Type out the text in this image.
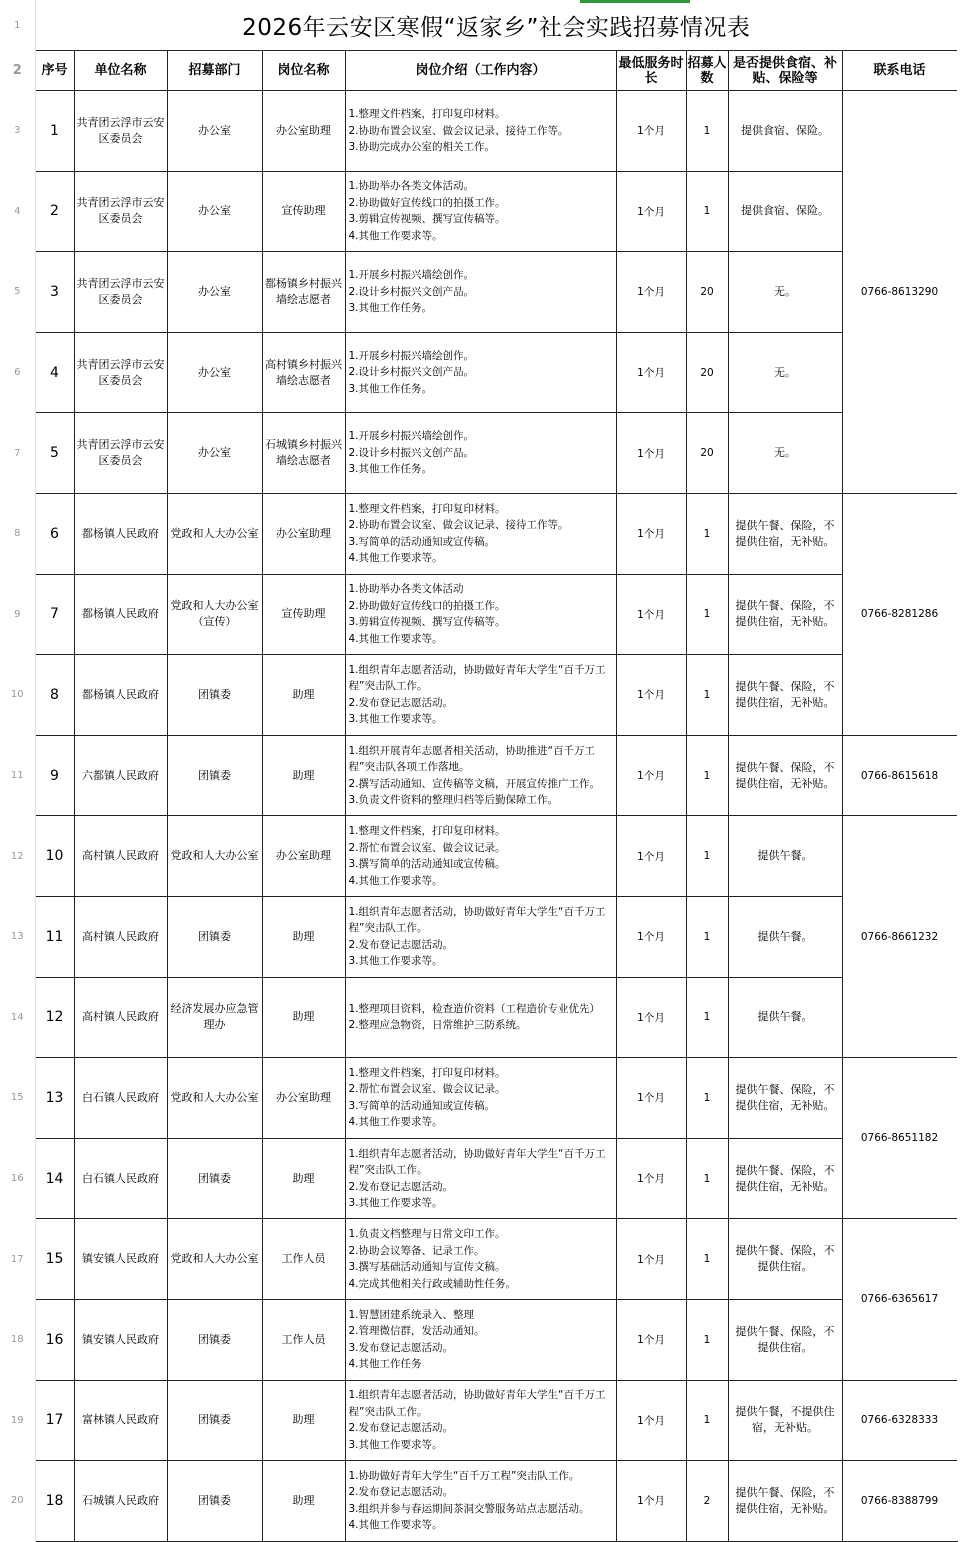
1	2026年云安区寒假“返家乡”社会实践招募情况表								
2	序号	单位名称	招募部门	岗位名称	岗位介绍（工作内容）	最低服务时长	招募人数	是否提供食宿、补贴、保险等	联系电话
3	1	共青团云浮市云安区委员会	办公室	办公室助理	1.整理文件档案，打印复印材料。
2.协助布置会议室、做会议记录、接待工作等。
3.协助完成办公室的相关工作。	1个月	1	提供食宿、保险。	0766-8613290
4	2	共青团云浮市云安区委员会	办公室	宣传助理	1.协助举办各类文体活动。
2.协助做好宣传线口的拍摄工作。
3.剪辑宣传视频、撰写宣传稿等。
4.其他工作要求等。	1个月	1	提供食宿、保险。	
5	3	共青团云浮市云安区委员会	办公室	都杨镇乡村振兴墙绘志愿者	1.开展乡村振兴墙绘创作。
2.设计乡村振兴文创产品。
3.其他工作任务。	1个月	20	无。	
6	4	共青团云浮市云安区委员会	办公室	高村镇乡村振兴墙绘志愿者	1.开展乡村振兴墙绘创作。
2.设计乡村振兴文创产品。
3.其他工作任务。	1个月	20	无。	
7	5	共青团云浮市云安区委员会	办公室	石城镇乡村振兴墙绘志愿者	1.开展乡村振兴墙绘创作。
2.设计乡村振兴文创产品。
3.其他工作任务。	1个月	20	无。	
8	6	都杨镇人民政府	党政和人大办公室	办公室助理	1.整理文件档案，打印复印材料。
2.协助布置会议室、做会议记录、接待工作等。
3.写简单的活动通知或宣传稿。
4.其他工作要求等。	1个月	1	提供午餐、保险，不提供住宿，无补贴。	0766-8281286
9	7	都杨镇人民政府	党政和人大办公室（宣传）	宣传助理	1.协助举办各类文体活动
2.协助做好宣传线口的拍摄工作。
3.剪辑宣传视频、撰写宣传稿等。
4.其他工作要求等。	1个月	1	提供午餐、保险，不提供住宿，无补贴。	
10	8	都杨镇人民政府	团镇委	助理	1.组织青年志愿者活动，协助做好青年大学生“百千万工程”突击队工作。
2.发布登记志愿活动。
3.其他工作要求等。	1个月	1	提供午餐、保险，不提供住宿，无补贴。	
11	9	六都镇人民政府	团镇委	助理	1.组织开展青年志愿者相关活动，协助推进“百千万工程”突击队各项工作落地。
2.撰写活动通知、宣传稿等文稿，开展宣传推广工作。
3.负责文件资料的整理归档等后勤保障工作。	1个月	1	提供午餐、保险，不提供住宿，无补贴。	0766-8615618
12	10	高村镇人民政府	党政和人大办公室	办公室助理	1.整理文件档案，打印复印材料。
2.帮忙布置会议室、做会议记录。
3.撰写简单的活动通知或宣传稿。
4.其他工作要求等。	1个月	1	提供午餐。	0766-8661232
13	11	高村镇人民政府	团镇委	助理	1.组织青年志愿者活动，协助做好青年大学生“百千万工程”突击队工作。
2.发布登记志愿活动。
3.其他工作要求等。	1个月	1	提供午餐。	
14	12	高村镇人民政府	经济发展办应急管理办	助理	1.整理项目资料，检查造价资料（工程造价专业优先）
2.整理应急物资，日常维护三防系统。	1个月	1	提供午餐。	
15	13	白石镇人民政府	党政和人大办公室	办公室助理	1.整理文件档案，打印复印材料。
2.帮忙布置会议室、做会议记录。
3.写简单的活动通知或宣传稿。
4.其他工作要求等。	1个月	1	提供午餐、保险，不提供住宿，无补贴。	0766-8651182
16	14	白石镇人民政府	团镇委	助理	1.组织青年志愿者活动，协助做好青年大学生“百千万工程”突击队工作。
2.发布登记志愿活动。
3.其他工作要求等。	1个月	1	提供午餐、保险，不提供住宿，无补贴。	
17	15	镇安镇人民政府	党政和人大办公室	工作人员	1.负责文档整理与日常文印工作。
2.协助会议筹备、记录工作。
3.撰写基础活动通知与宣传文稿。
4.完成其他相关行政或辅助性任务。	1个月	1	提供午餐、保险，不提供住宿。	0766-6365617
18	16	镇安镇人民政府	团镇委	工作人员	1.智慧团建系统录入、整理
2.管理微信群，发活动通知。
3.发布登记志愿活动。
4.其他工作任务	1个月	1	提供午餐、保险，不提供住宿。	
19	17	富林镇人民政府	团镇委	助理	1.组织青年志愿者活动，协助做好青年大学生“百千万工程”突击队工作。
2.发布登记志愿活动。
3.其他工作要求等。	1个月	1	提供午餐，不提供住宿，无补贴。	0766-6328333
20	18	石城镇人民政府	团镇委	助理	1.协助做好青年大学生“百千万工程”突击队工作。
2.发布登记志愿活动。
3.组织并参与春运期间茶洞交警服务站点志愿活动。
4.其他工作要求等。	1个月	2	提供午餐、保险，不提供住宿，无补贴。	0766-8388799
